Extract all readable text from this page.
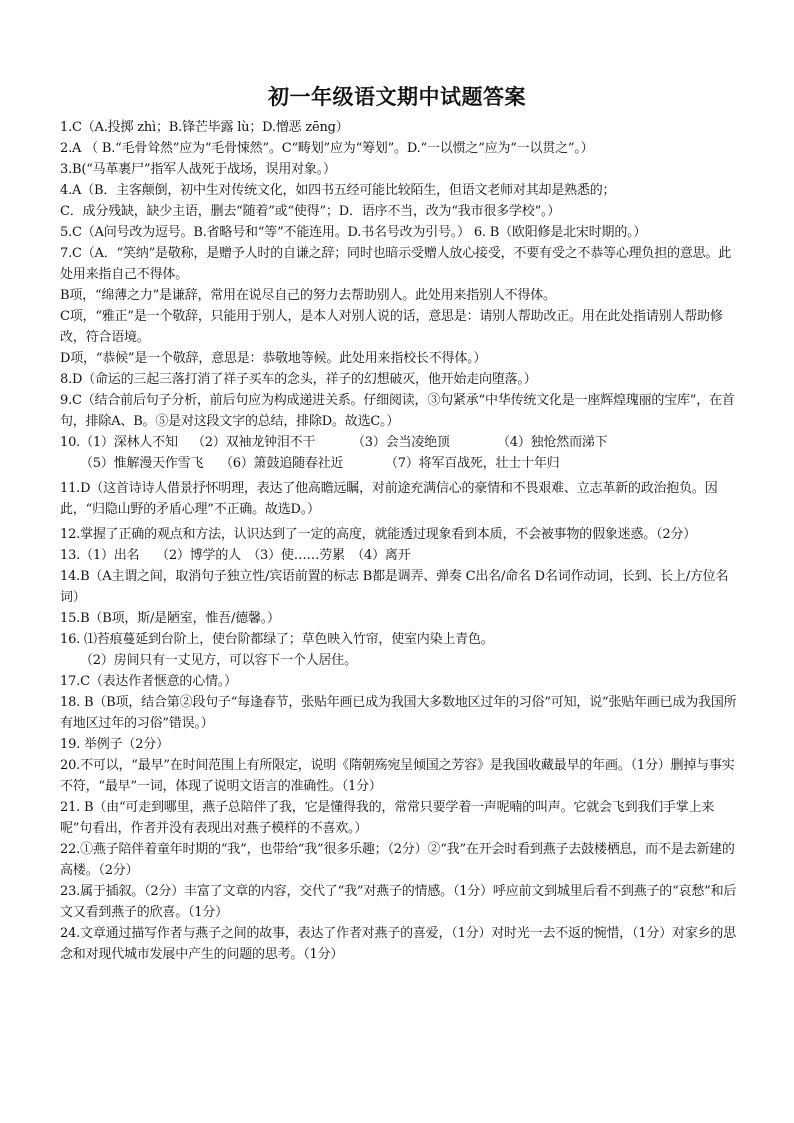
初一年级语文期中试题答案

1.C（A.投掷 zhì；B.锋芒毕露 lù；D.憎恶 zēng）

2.A （ B.“毛骨耸然”应为“毛骨悚然”。C“畴划”应为“筹划”。D.“一以惯之”应为“一以贯之”。）

3.B(“马革裹尸”指军人战死于战场，误用对象。）

4.A（B．主客颠倒，初中生对传统文化，如四书五经可能比较陌生，但语文老师对其却是熟悉的；

C．成分残缺，缺少主语，删去“随着”或“使得”；D．语序不当，改为“我市很多学校”。）

5.C（A问号改为逗号。B.省略号和“等”不能连用。D.书名号改为引号。） 6. B（欧阳修是北宋时期的。）

7.C（A．“笑纳”是敬称，是赠予人时的自谦之辞；同时也暗示受赠人放心接受，不要有受之不恭等心理负担的意思。此处用来指自己不得体。

B项，“绵薄之力”是谦辞，常用在说尽自己的努力去帮助别人。此处用来指别人不得体。

C项，“雅正”是一个敬辞，只能用于别人，是本人对别人说的话，意思是：请别人帮助改正。用在此处指请别人帮助修改，符合语境。

D项，“恭候”是一个敬辞，意思是：恭敬地等候。此处用来指校长不得体。）

8.D（命运的三起三落打消了祥子买车的念头，祥子的幻想破灭，他开始走向堕落。）

9.C（结合前后句子分析，前后句应为构成递进关系。仔细阅读，③句紧承“中华传统文化是一座辉煌瑰丽的宝库”，在首句，排除A、B。⑤是对这段文字的总结，排除D。故选C。）

10.（1）深林人不知 （2）双袖龙钟泪不干	（3）会当凌绝顶	（4）独怆然而涕下

（5）惟解漫天作雪飞 （6）箫鼓追随春社近	（7）将军百战死，壮士十年归

11.D（这首诗诗人借景抒怀明理，表达了他高瞻远瞩，对前途充满信心的豪情和不畏艰难、立志革新的政治抱负。因此，“归隐山野的矛盾心理”不正确。故选D。）

12.掌握了正确的观点和方法，认识达到了一定的高度，就能透过现象看到本质，不会被事物的假象迷惑。（2分）

13.（1）出名　 （2）博学的人　（3）使……劳累　（4）离开

14.B（A主谓之间，取消句子独立性/宾语前置的标志 B都是调弄、弹奏 C出名/命名 D名词作动词，长到、长上/方位名词）

15.B（B项，斯/是陋室，惟吾/德馨。）

16. ⑴苔痕蔓延到台阶上，使台阶都绿了；草色映入竹帘，使室内染上青色。

（2）房间只有一丈见方，可以容下一个人居住。

17.C（表达作者惬意的心情。）

18. B（B项，结合第②段句子“每逢春节，张贴年画已成为我国大多数地区过年的习俗”可知，说“张贴年画已成为我国所有地区过年的习俗”错误。）

19. 举例子（2分）

20.不可以，“最早”在时间范围上有所限定，说明《隋朝殇宛呈倾国之芳容》是我国收藏最早的年画。（1分）删掉与事实不符，“最早”一词，体现了说明文语言的准确性。（1分）

21. B（由“可走到哪里，燕子总陪伴了我，它是懂得我的，常常只要学着一声呢喃的叫声。它就会飞到我们手掌上来呢”句看出，作者并没有表现出对燕子模样的不喜欢。）

22.①燕子陪伴着童年时期的“我”，也带给“我”很多乐趣；（2分）②“我”在开会时看到燕子去鼓楼栖息，而不是去新建的高楼。（2分）

23.属于插叙。（2分）丰富了文章的内容，交代了“我”对燕子的情感。（1分）呼应前文到城里后看不到燕子的“哀愁”和后文又看到燕子的欣喜。（1分）

24.文章通过描写作者与燕子之间的故事，表达了作者对燕子的喜爱，（1分）对时光一去不返的惋惜，（1分）对家乡的思念和对现代城市发展中产生的问题的思考。（1分）
